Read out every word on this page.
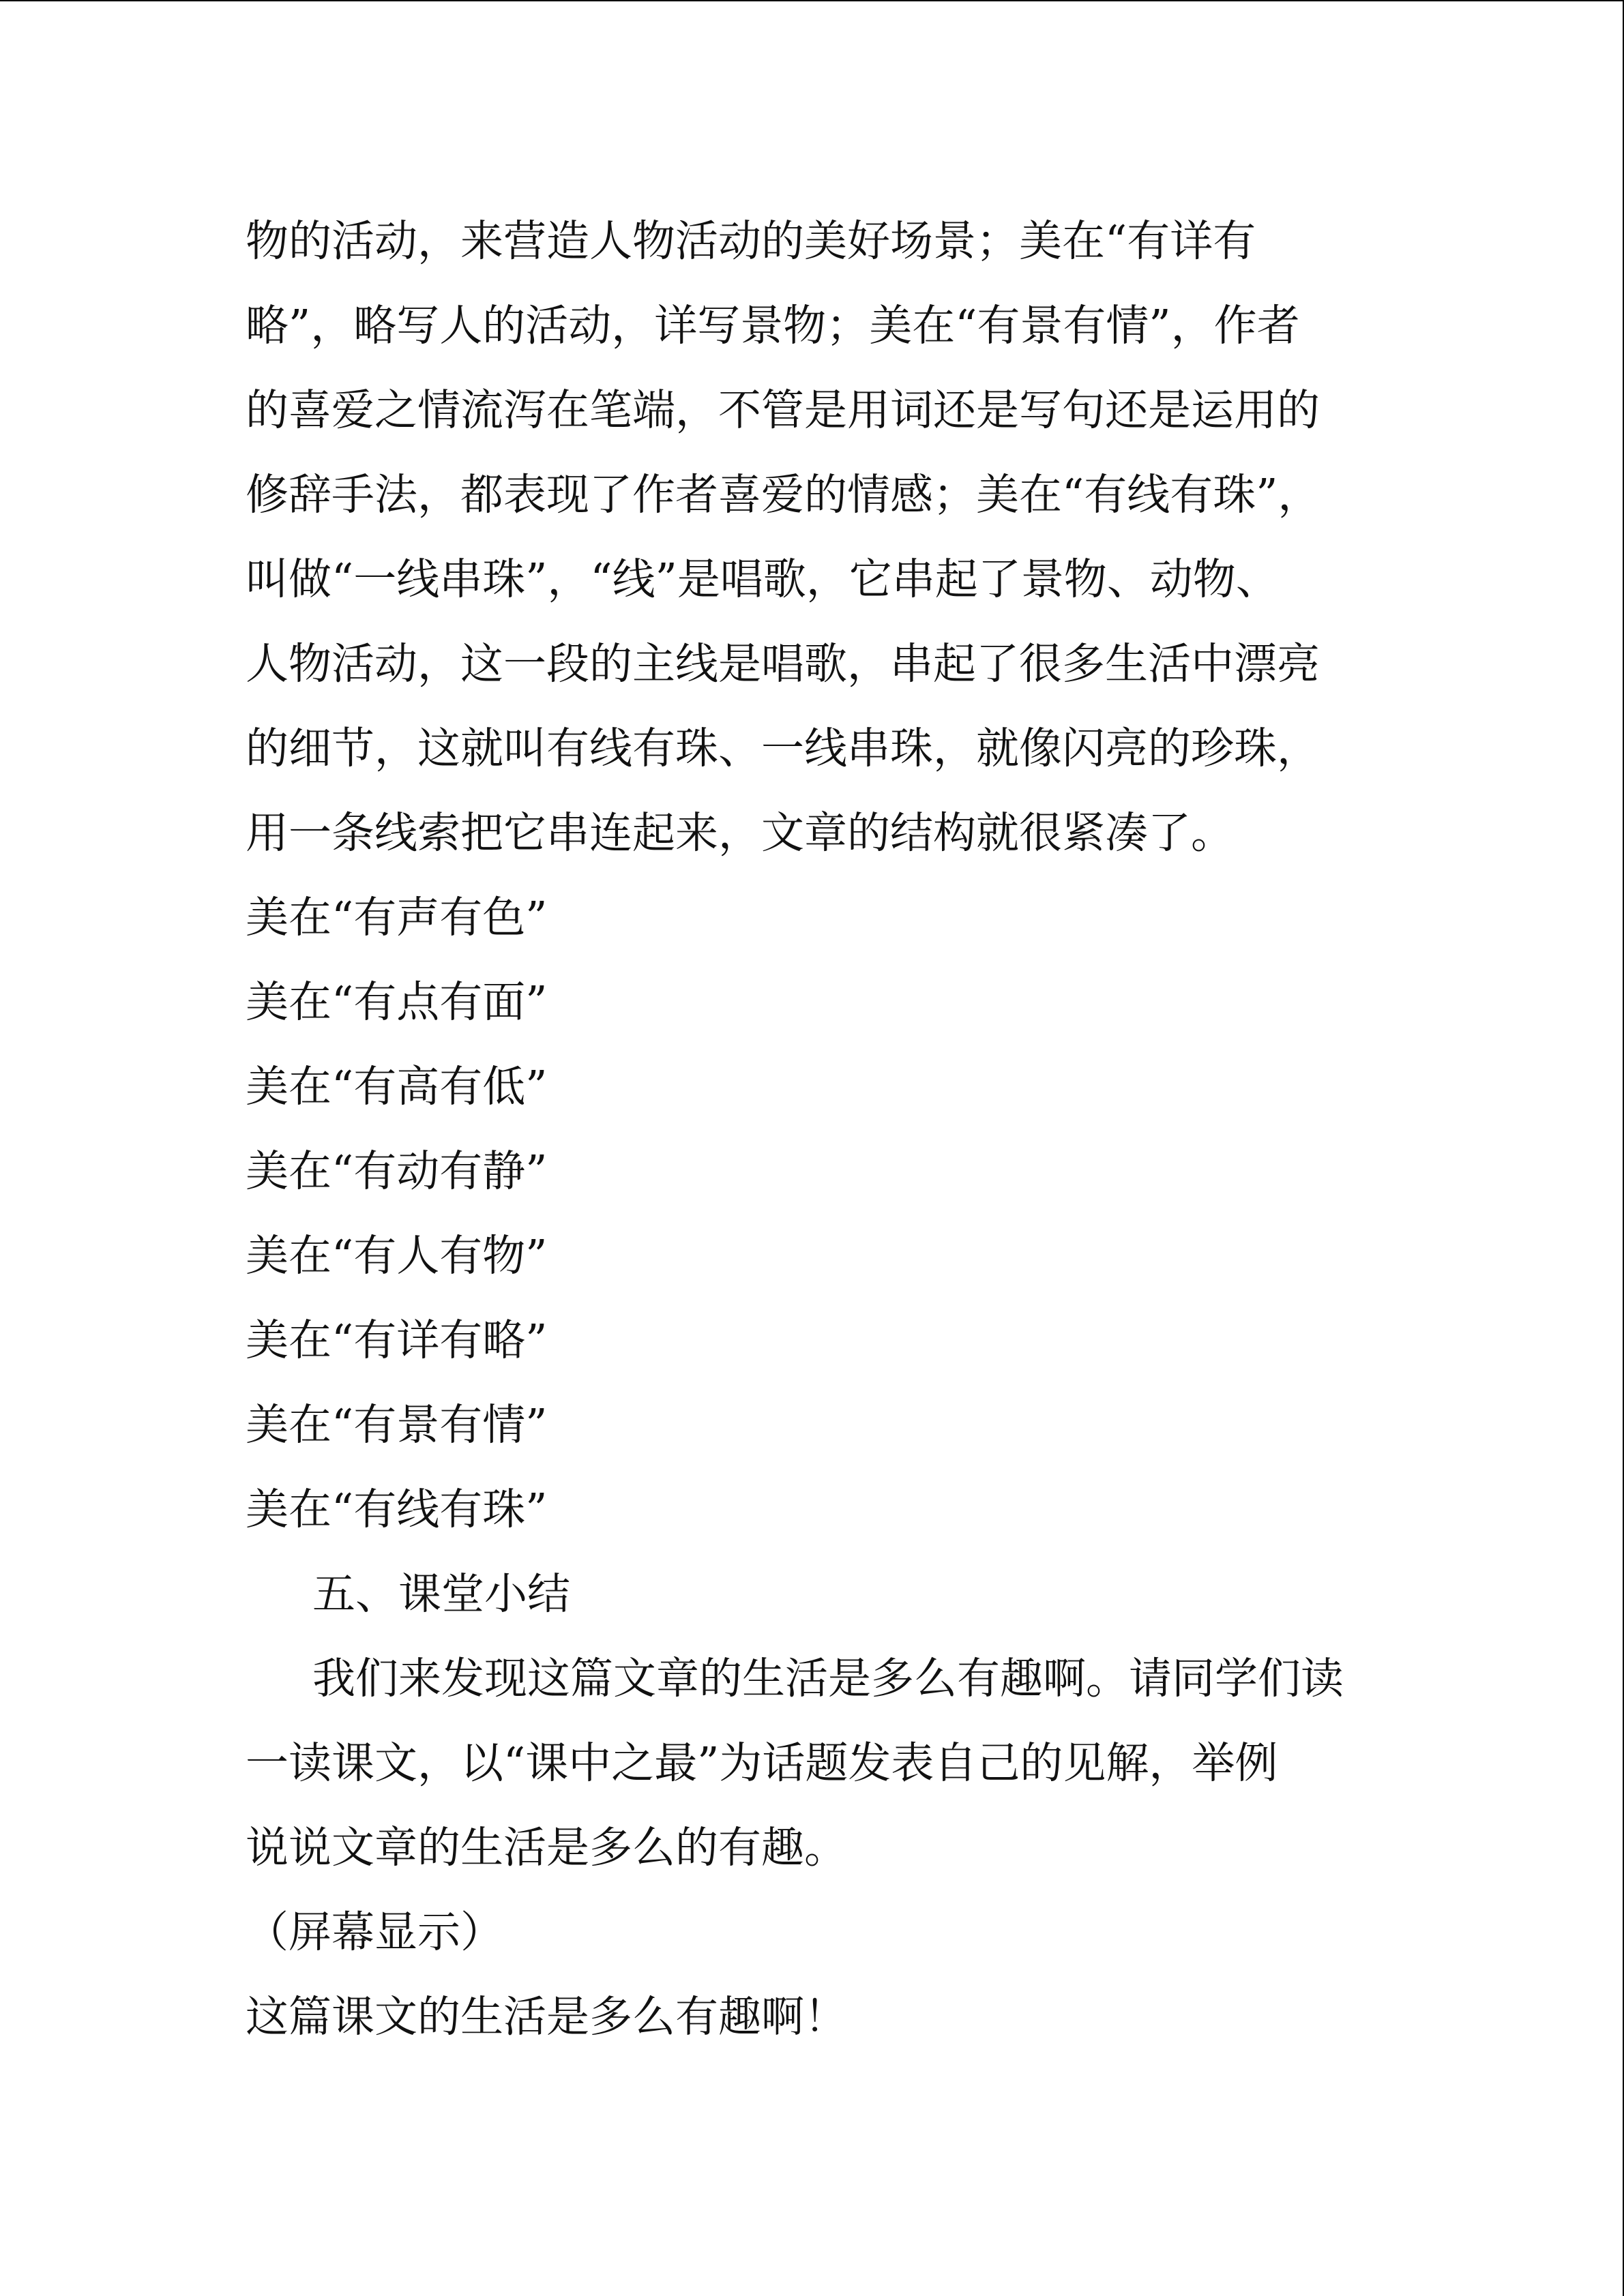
物的活动，来营造人物活动的美好场景；美在“有详有
略”，略写人的活动，详写景物；美在“有景有情”，作者
的喜爱之情流泻在笔端，不管是用词还是写句还是运用的
修辞手法，都表现了作者喜爱的情感；美在“有线有珠”，
叫做“一线串珠”，“线”是唱歌，它串起了景物、动物、
人物活动，这一段的主线是唱歌，串起了很多生活中漂亮
的细节，这就叫有线有珠、一线串珠，就像闪亮的珍珠，
用一条线索把它串连起来，文章的结构就很紧凑了。
美在“有声有色”
美在“有点有面”
美在“有高有低”
美在“有动有静”
美在“有人有物”
美在“有详有略”
美在“有景有情”
美在“有线有珠”
五、课堂小结
我们来发现这篇文章的生活是多么有趣啊。请同学们读
一读课文，以“课中之最”为话题发表自己的见解，举例
说说文章的生活是多么的有趣。
（屏幕显示）
这篇课文的生活是多么有趣啊！
